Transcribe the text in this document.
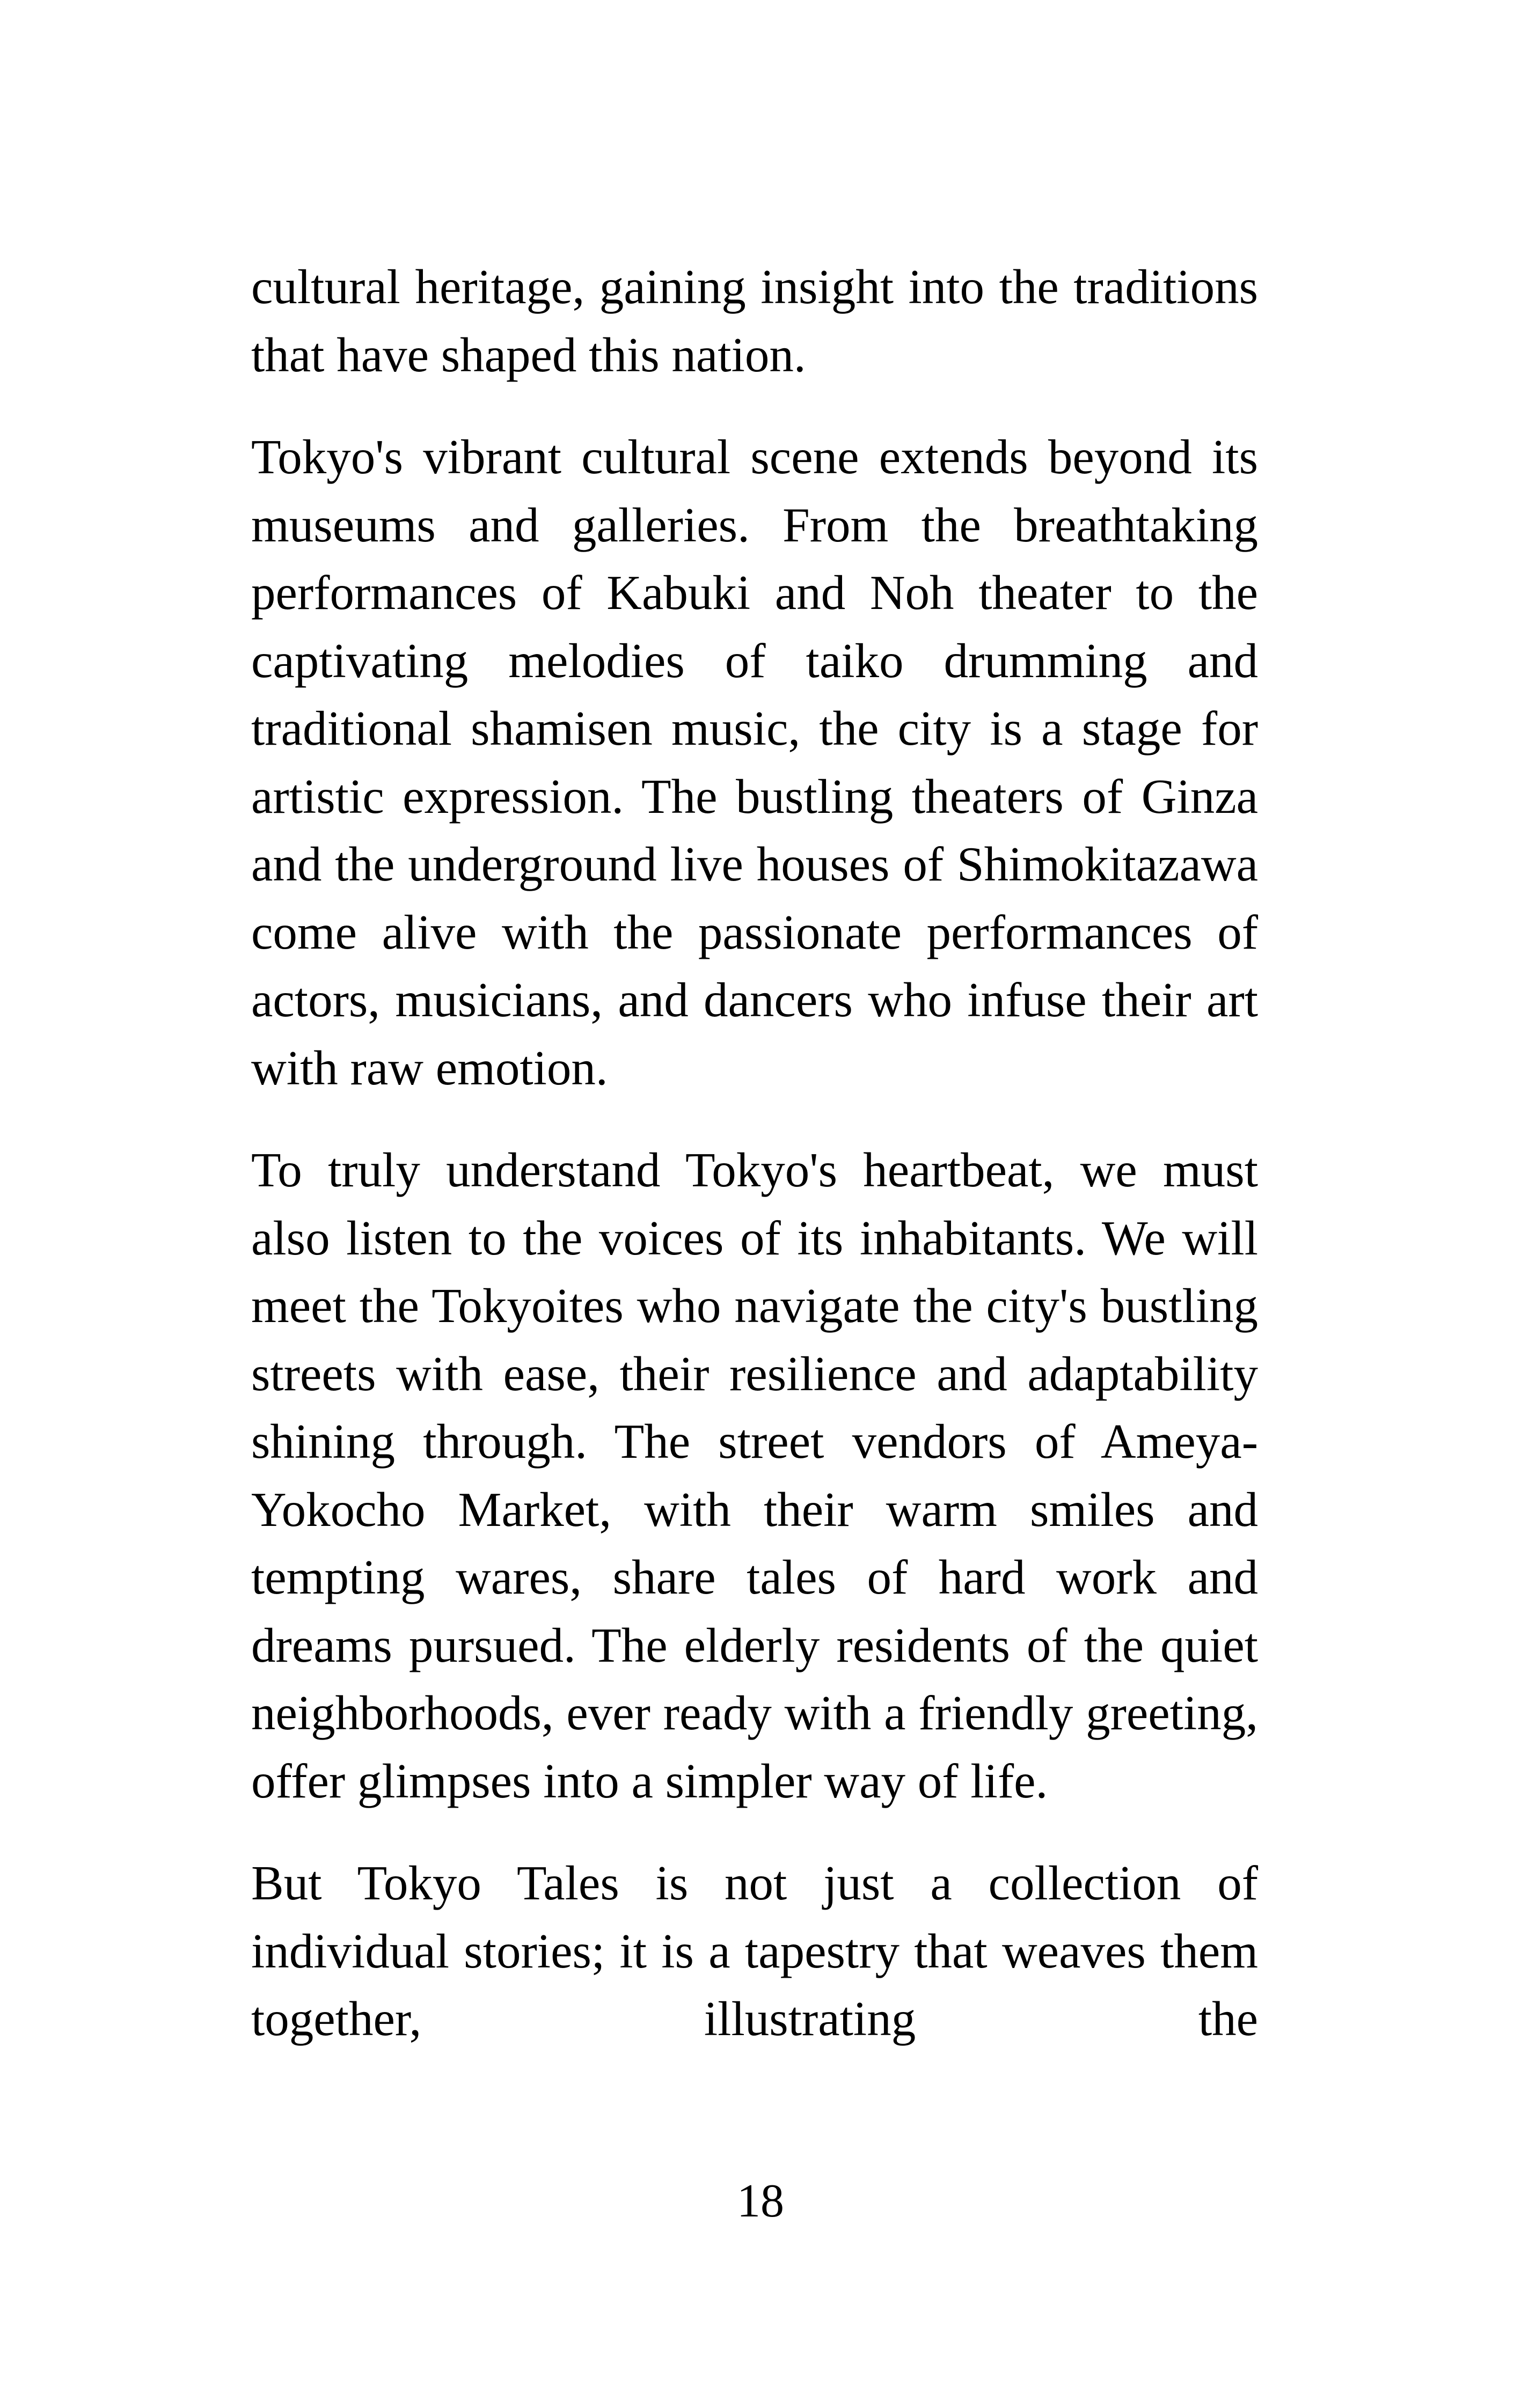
cultural heritage, gaining insight into the traditions that have shaped this nation.

Tokyo's vibrant cultural scene extends beyond its museums and galleries. From the breathtaking performances of Kabuki and Noh theater to the captivating melodies of taiko drumming and traditional shamisen music, the city is a stage for artistic expression. The bustling theaters of Ginza and the underground live houses of Shimokitazawa come alive with the passionate performances of actors, musicians, and dancers who infuse their art with raw emotion.

To truly understand Tokyo's heartbeat, we must also listen to the voices of its inhabitants. We will meet the Tokyoites who navigate the city's bustling streets with ease, their resilience and adaptability shining through. The street vendors of Ameya-Yokocho Market, with their warm smiles and tempting wares, share tales of hard work and dreams pursued. The elderly residents of the quiet neighborhoods, ever ready with a friendly greeting, offer glimpses into a simpler way of life.

But Tokyo Tales is not just a collection of individual stories; it is a tapestry that weaves them together, illustrating the

18
